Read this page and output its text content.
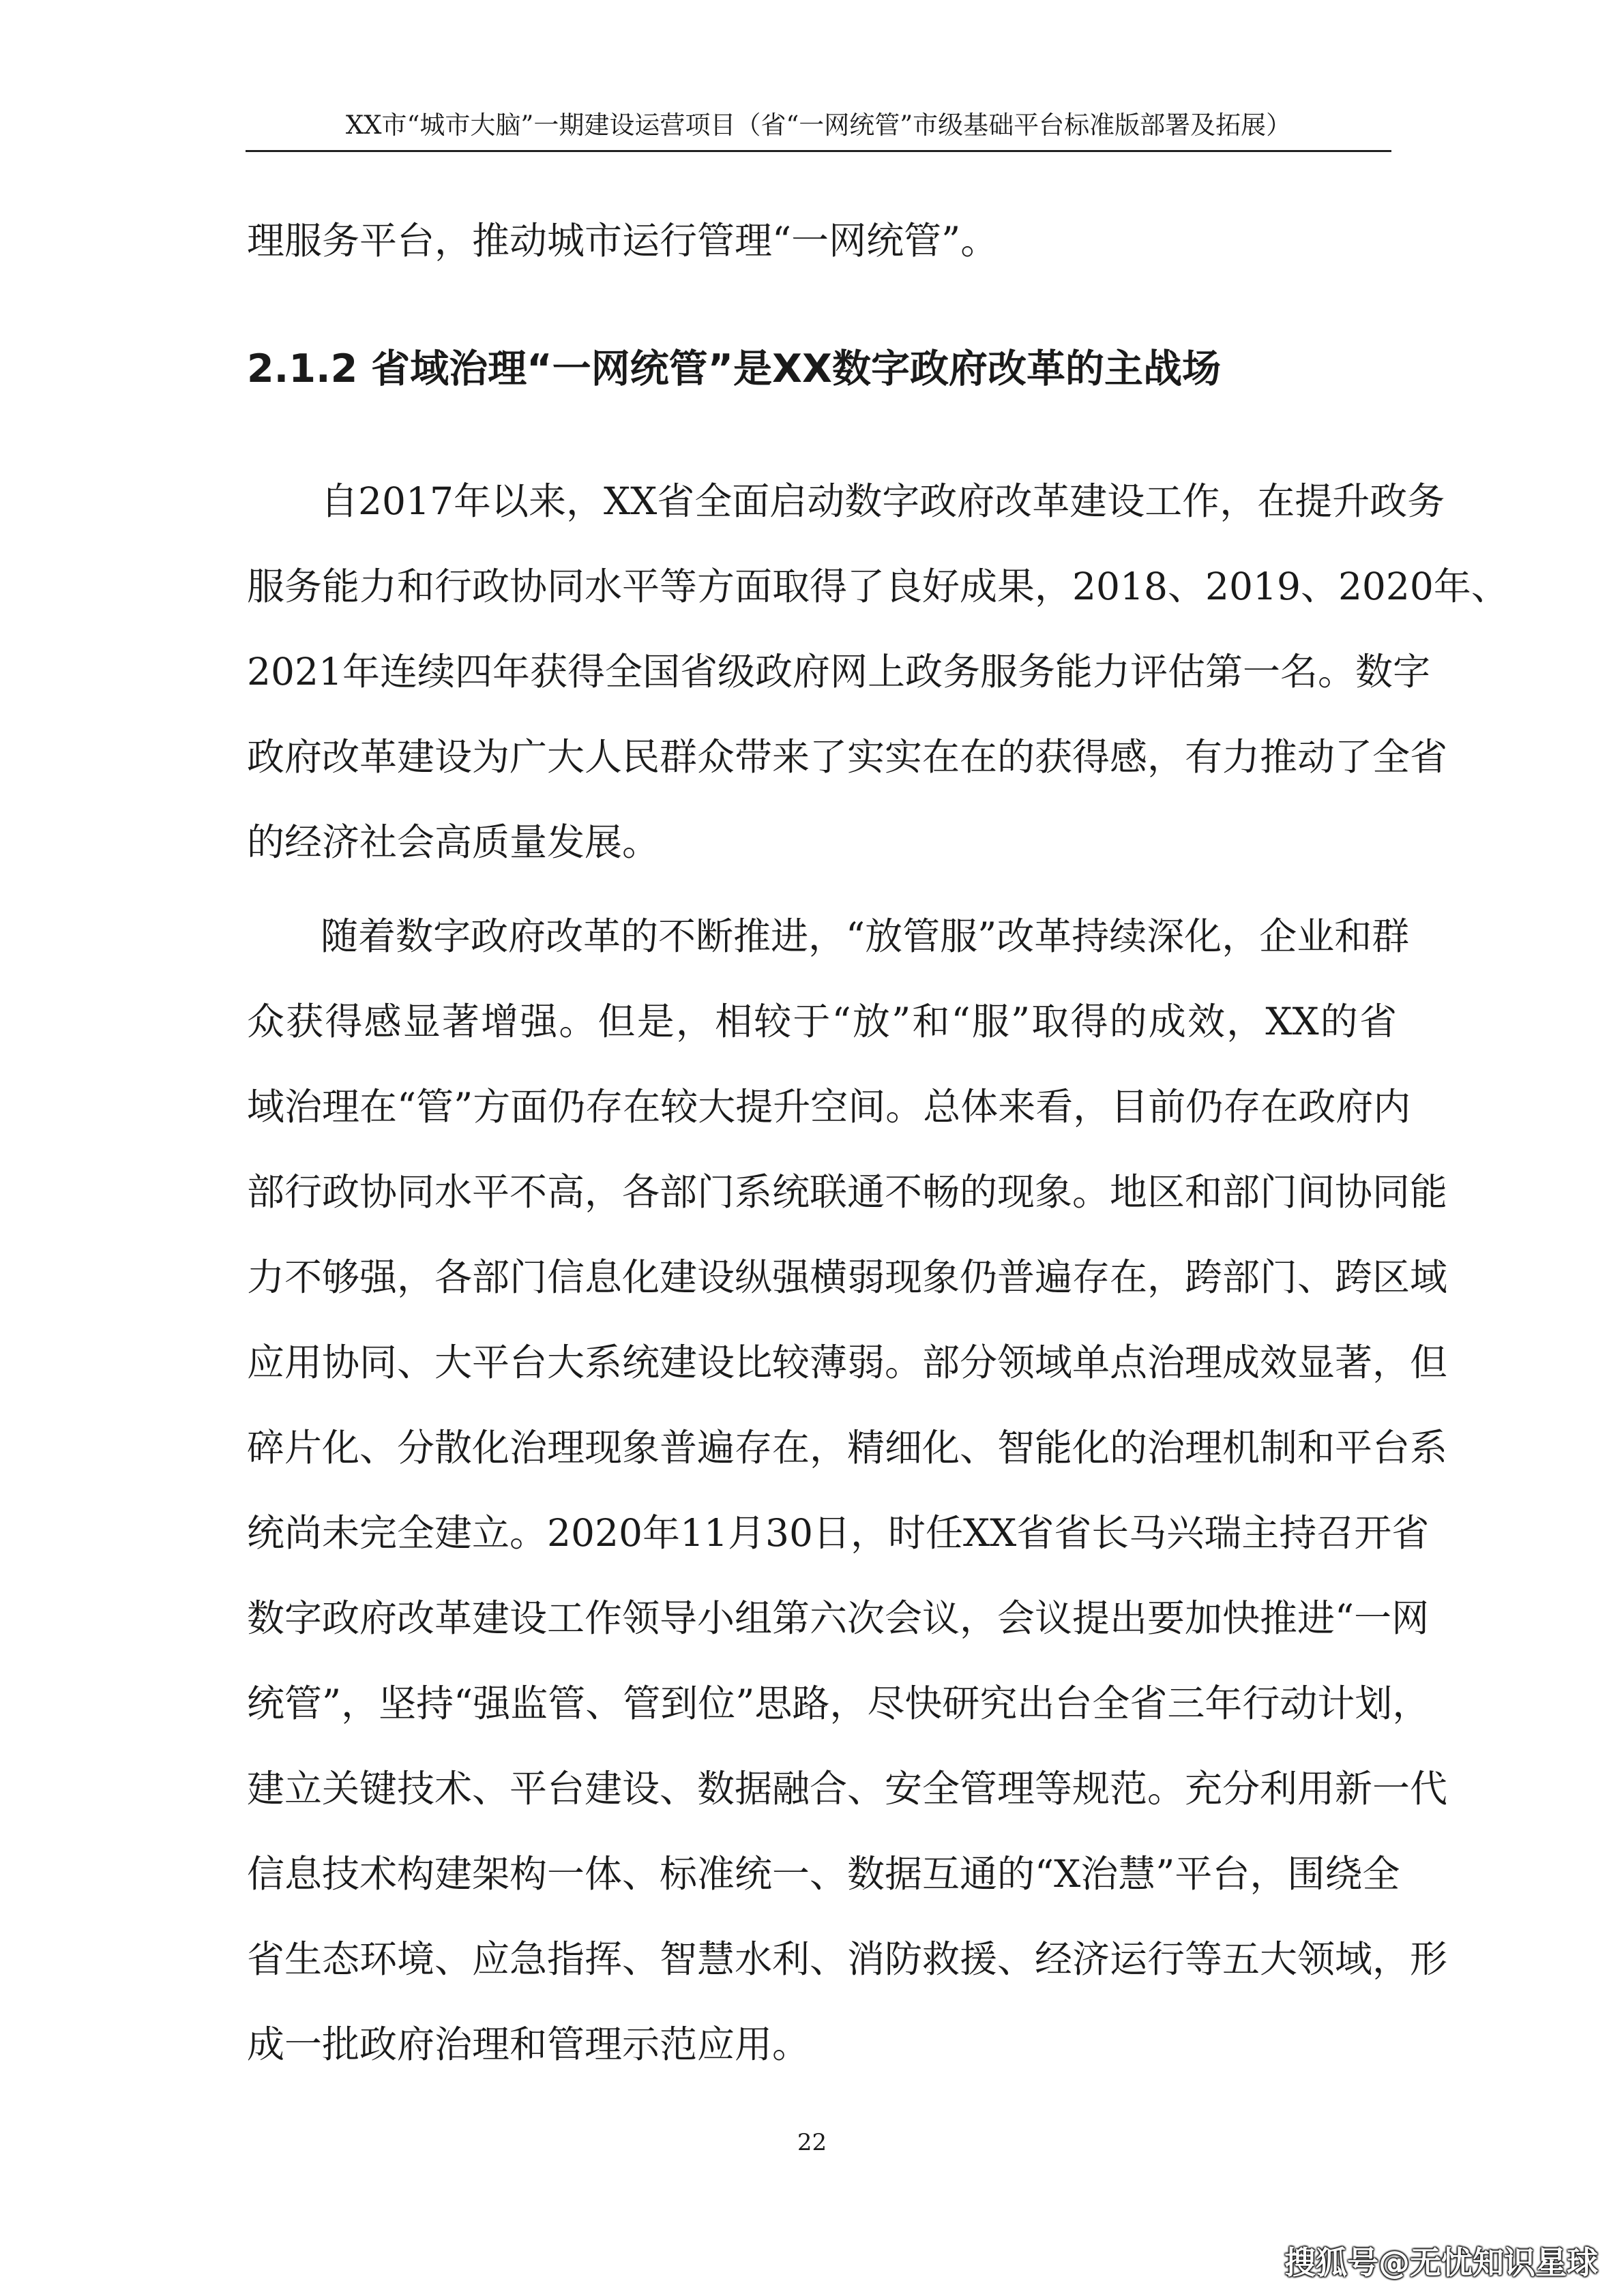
XX市“城市大脑”一期建设运营项目（省“一网统管”市级基础平台标准版部署及拓展）
理服务平台，推动城市运行管理“一网统管”。
2.1.2 省域治理“一网统管”是XX数字政府改革的主战场
自2017年以来，XX省全面启动数字政府改革建设工作，在提升政务
服务能力和行政协同水平等方面取得了良好成果，2018、2019、2020年、
2021年连续四年获得全国省级政府网上政务服务能力评估第一名。数字
政府改革建设为广大人民群众带来了实实在在的获得感，有力推动了全省
的经济社会高质量发展。
随着数字政府改革的不断推进，“放管服”改革持续深化，企业和群
众获得感显著增强。但是，相较于“放”和“服”取得的成效，XX的省
域治理在“管”方面仍存在较大提升空间。总体来看，目前仍存在政府内
部行政协同水平不高，各部门系统联通不畅的现象。地区和部门间协同能
力不够强，各部门信息化建设纵强横弱现象仍普遍存在，跨部门、跨区域
应用协同、大平台大系统建设比较薄弱。部分领域单点治理成效显著，但
碎片化、分散化治理现象普遍存在，精细化、智能化的治理机制和平台系
统尚未完全建立。2020年11月30日，时任XX省省长马兴瑞主持召开省
数字政府改革建设工作领导小组第六次会议，会议提出要加快推进“一网
统管”，坚持“强监管、管到位”思路，尽快研究出台全省三年行动计划，
建立关键技术、平台建设、数据融合、安全管理等规范。充分利用新一代
信息技术构建架构一体、标准统一、数据互通的“X治慧”平台，围绕全
省生态环境、应急指挥、智慧水利、消防救援、经济运行等五大领域，形
成一批政府治理和管理示范应用。
22
搜狐号@无忧知识星球
